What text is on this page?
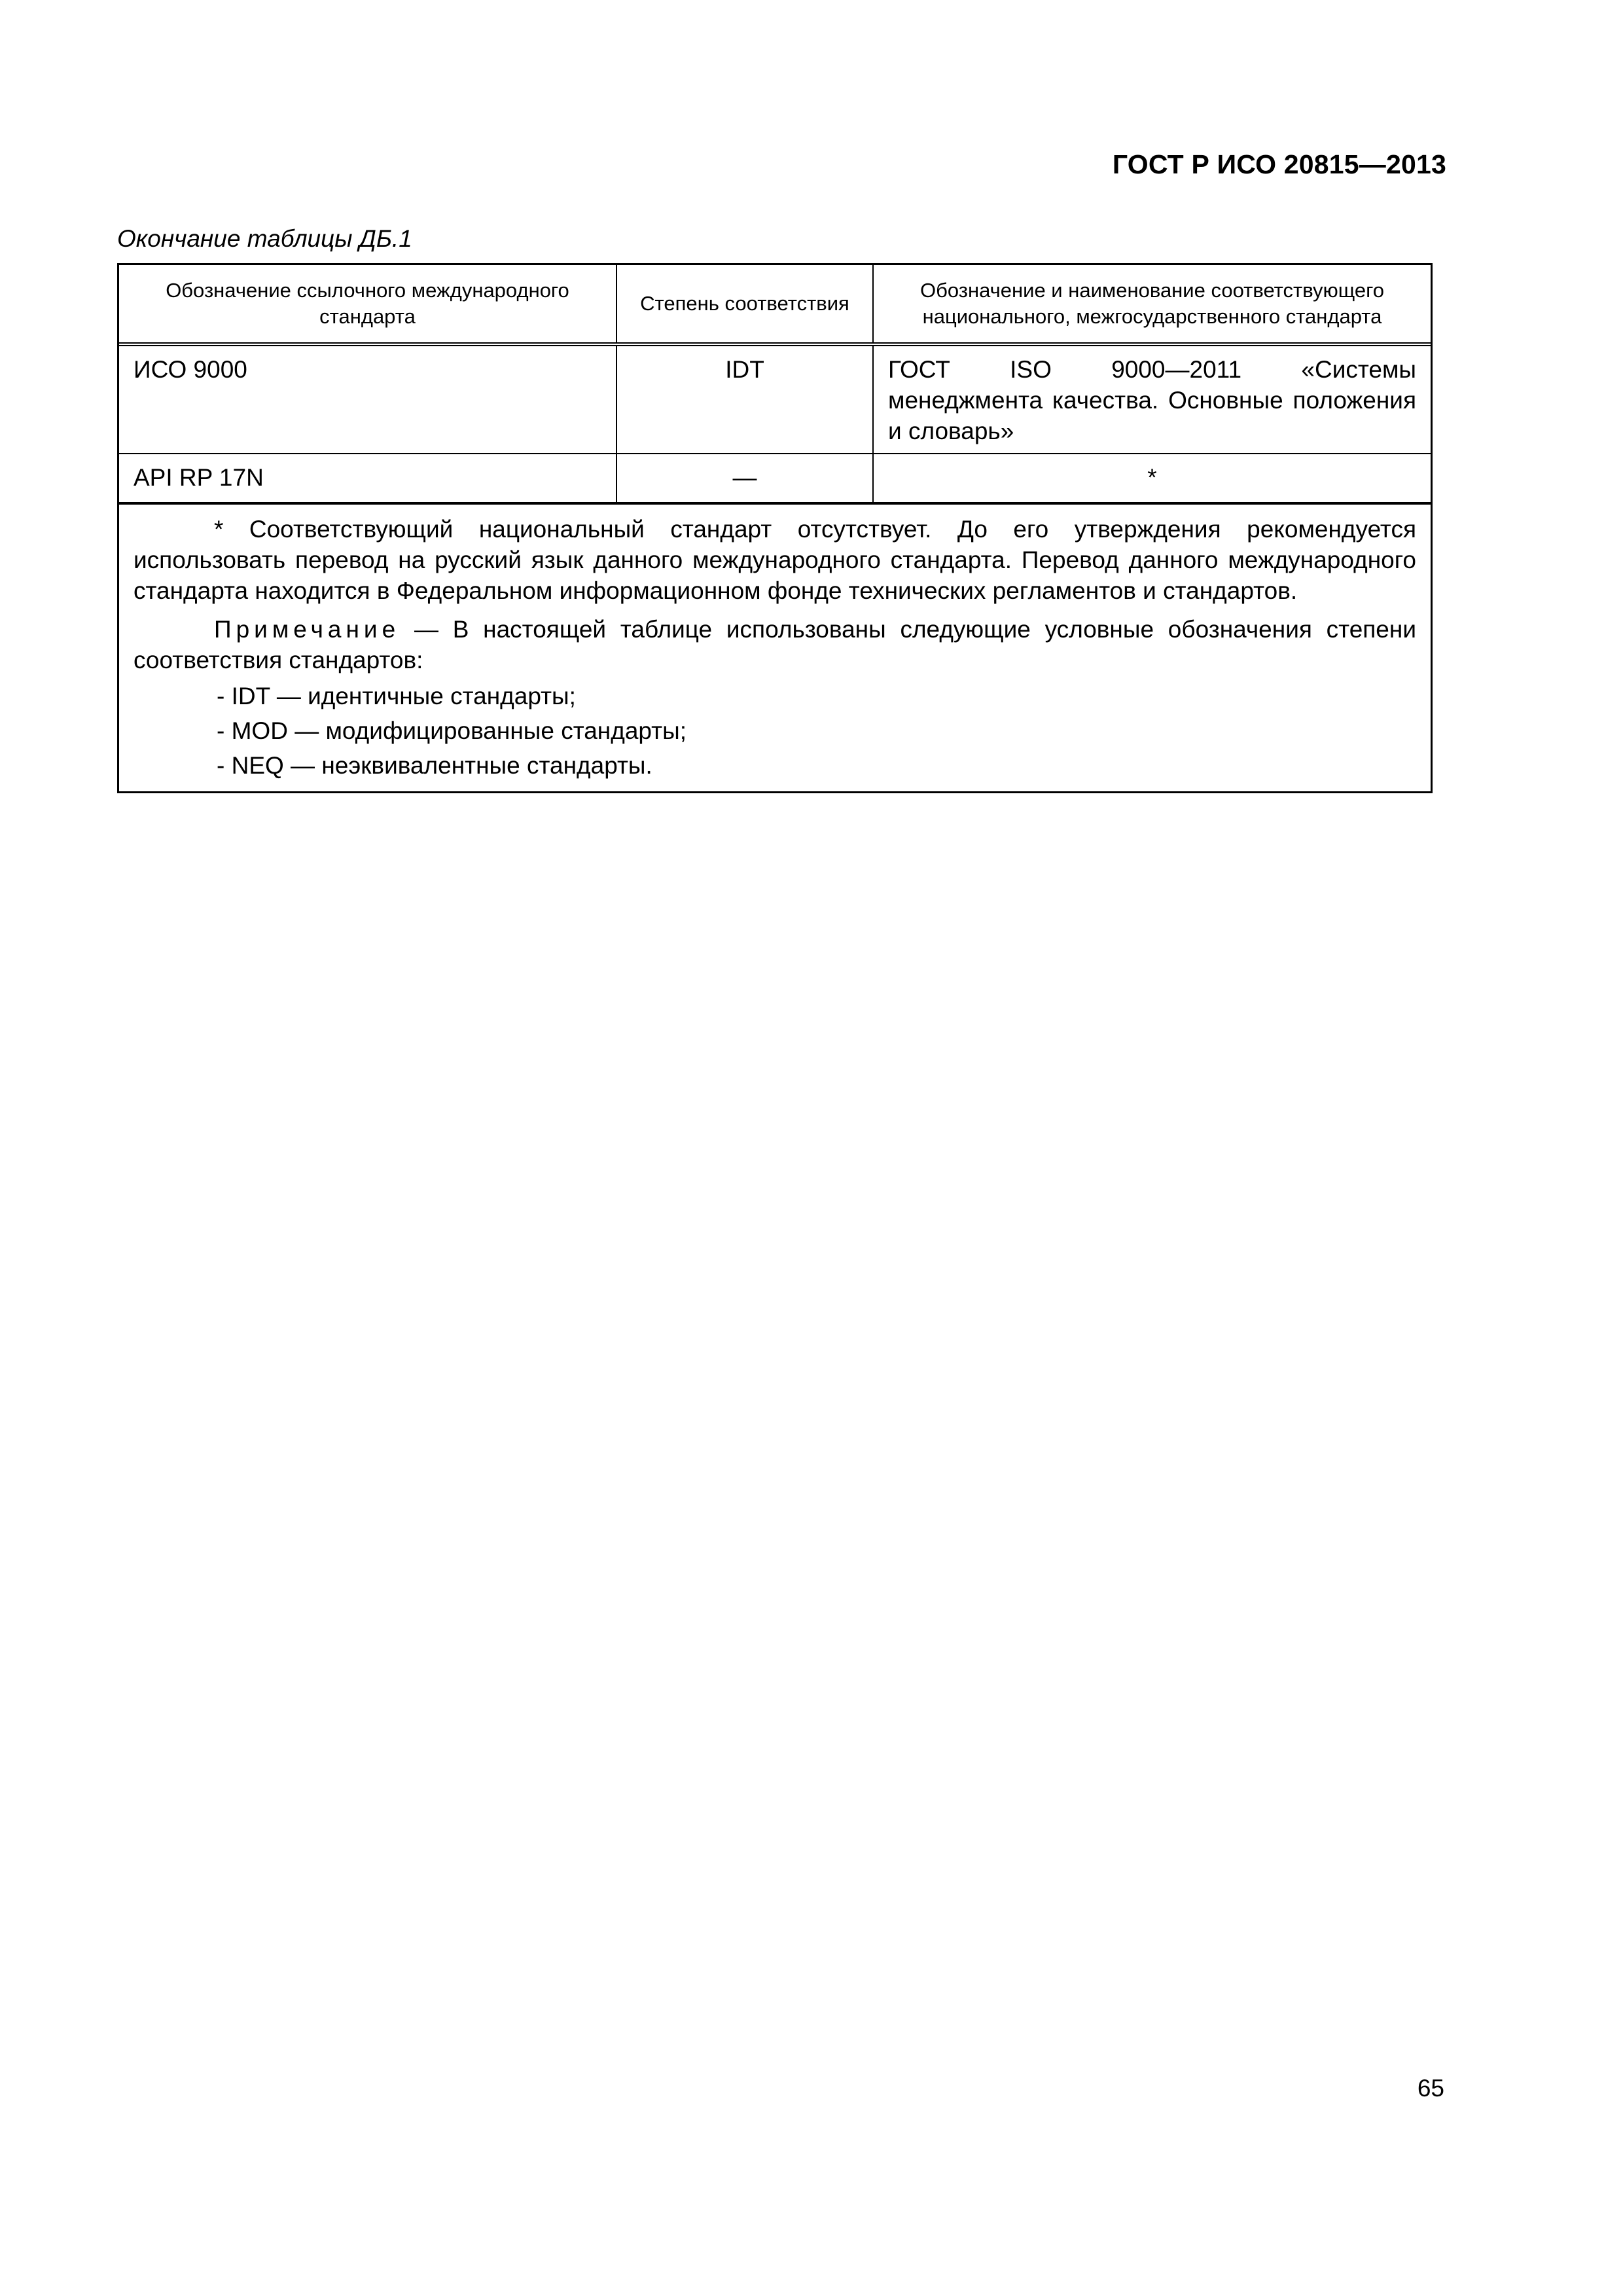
ГОСТ Р ИСО 20815—2013
Окончание таблицы ДБ.1
Обозначение ссылочного международного стандарта	Степень соответствия	Обозначение и наименование соответствующего национального, межгосударственного стандарта
ИСО 9000	IDT	ГОСТ ISO 9000—2011 «Системы менеджмента качества. Основные положения и словарь»
API RP 17N	—	*

* Соответствующий национальный стандарт отсутствует. До его утверждения рекомендуется использовать перевод на русский язык данного международного стандарта. Перевод данного международного стандарта находится в Федеральном информационном фонде технических регламентов и стандартов.

Примечание — В настоящей таблице использованы следующие условные обозначения степени соответствия стандартов:

- IDT — идентичные стандарты;

- MOD — модифицированные стандарты;

- NEQ — неэквивалентные стандарты.

65
